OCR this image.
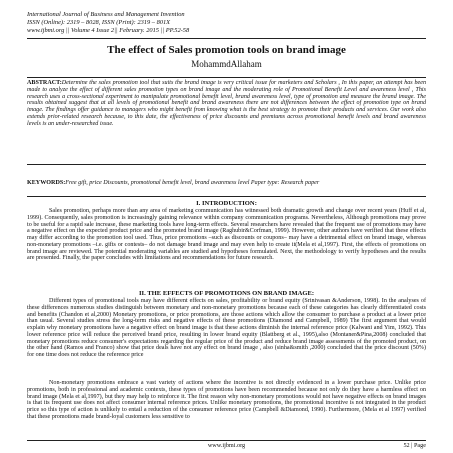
International Journal of Business and Management Invention
ISSN (Online): 2319 – 8028, ISSN (Print): 2319 – 801X
www.ijbmi.org || Volume 4 Issue 2|| February. 2015 || PP.52-58
The effect of Sales promotion tools on brand image
MohammdAllaham

ABSTRACT:Determine the sales promotion tool that suits the brand image is very critical issue for marketers and Scholars , In this paper, an attempt has been made to analyze the effect of different sales promotion types on brand image and the moderating role of Promotional Benefit Level and awareness level , This research uses a cross-sectional experiment to manipulate promotional benefit level, brand awareness level, type of promotion and measure the brand image. The results obtained suggest that at all levels of promotional benefit and brand awareness there are not differences between the effect of promotion type on brand image. The findings offer guidance to managers who might benefit from knowing what is the best strategy to promote their products and services. Our work also extends prior-related research because, to this date, the effectiveness of price discounts and premiums across promotional benefit levels and brand awareness levels is an under-researched issue.

KEYWORDS:Free gift, price Discounts, promotional benefit level, brand awareness level Paper type: Research paper

I. INTRODUCTION:

Sales promotion, perhaps more than any area of marketing communication has witnessed both dramatic growth and change over recent years (Huff et al, 1999). Consequently, sales promotion is increasingly gaining relevance within company communication programs. Nevertheless, Although promotions may prove to be useful for a rapid sale increase, these marketing tools have long-term effects. Several researchers have revealed that the frequent use of promotions may have a negative effect on the expected product price and the promoted brand image (Raghubir&Corfman, 1999). However, other authors have verified that these effects may differ according to the promotion tool used. Thus, price promotions –such as discounts or coupons– may have a detrimental effect on brand image, whereas non-monetary promotions –i.e. gifts or contests– do not damage brand image and may even help to create it(Mela et al,1997). First, the effects of promotions on brand image are reviewed. The potential moderating variables are studied and hypotheses formulated. Next, the methodology to verify hypotheses and the results are presented. Finally, the paper concludes with limitations and recommendations for future research.

II. THE EFFECTS OF PROMOTIONS ON BRAND IMAGE:

Different types of promotional tools may have different effects on sales, profitability or brand equity (Srinivasan &Anderson, 1998). In the analyses of these differences numerous studies distinguish between monetary and non-monetary promotions because each of these categories has clearly differentiated costs and benefits (Chandon et al,2000) Monetary promotions, or price promotions, are those actions which allow the consumer to purchase a product at a lower price than usual. Several studies stress the long-term risks and negative effects of these promotions (Diamond and Campbell, 1989) The first argument that would explain why monetary promotions have a negative effect on brand image is that these actions diminish the internal reference price (Kalwani and Yim, 1992). This lower reference price will reduce the perceived brand price, resulting in lower brand equity (Blattberg et al., 1995),also (Montaner&Pina,2008) concluded that monetary promotions reduce consumer's expectations regarding the regular price of the product and reduce brand image assessments of the promoted product, on the other hand (Ramos and Franco) show that price deals have not any effect on brand image , also (sinha&smith ,2000) concluded that the price discount (50%) for one time does not reduce the reference price

Non-monetary promotions embrace a vast variety of actions where the incentive is not directly evidenced in a lower purchase price. Unlike price promotions, both in professional and academic contexts, these types of promotions have been recommended because not only do they have a harmless effect on brand image (Mela et al,1997), but they may help to reinforce it. The first reason why non-monetary promotions would not have negative effects on brand images is that its frequent use does not affect consumer internal reference prices. Unlike monetary promotions, the promotional incentive is not integrated in the product price so this type of action is unlikely to entail a reduction of the consumer reference price (Campbell &Diamond, 1990). Furthermore, (Mela et al 1997) verified that these promotions made brand-loyal customers less sensitive to

www.ijbmi.org	52 | Page
